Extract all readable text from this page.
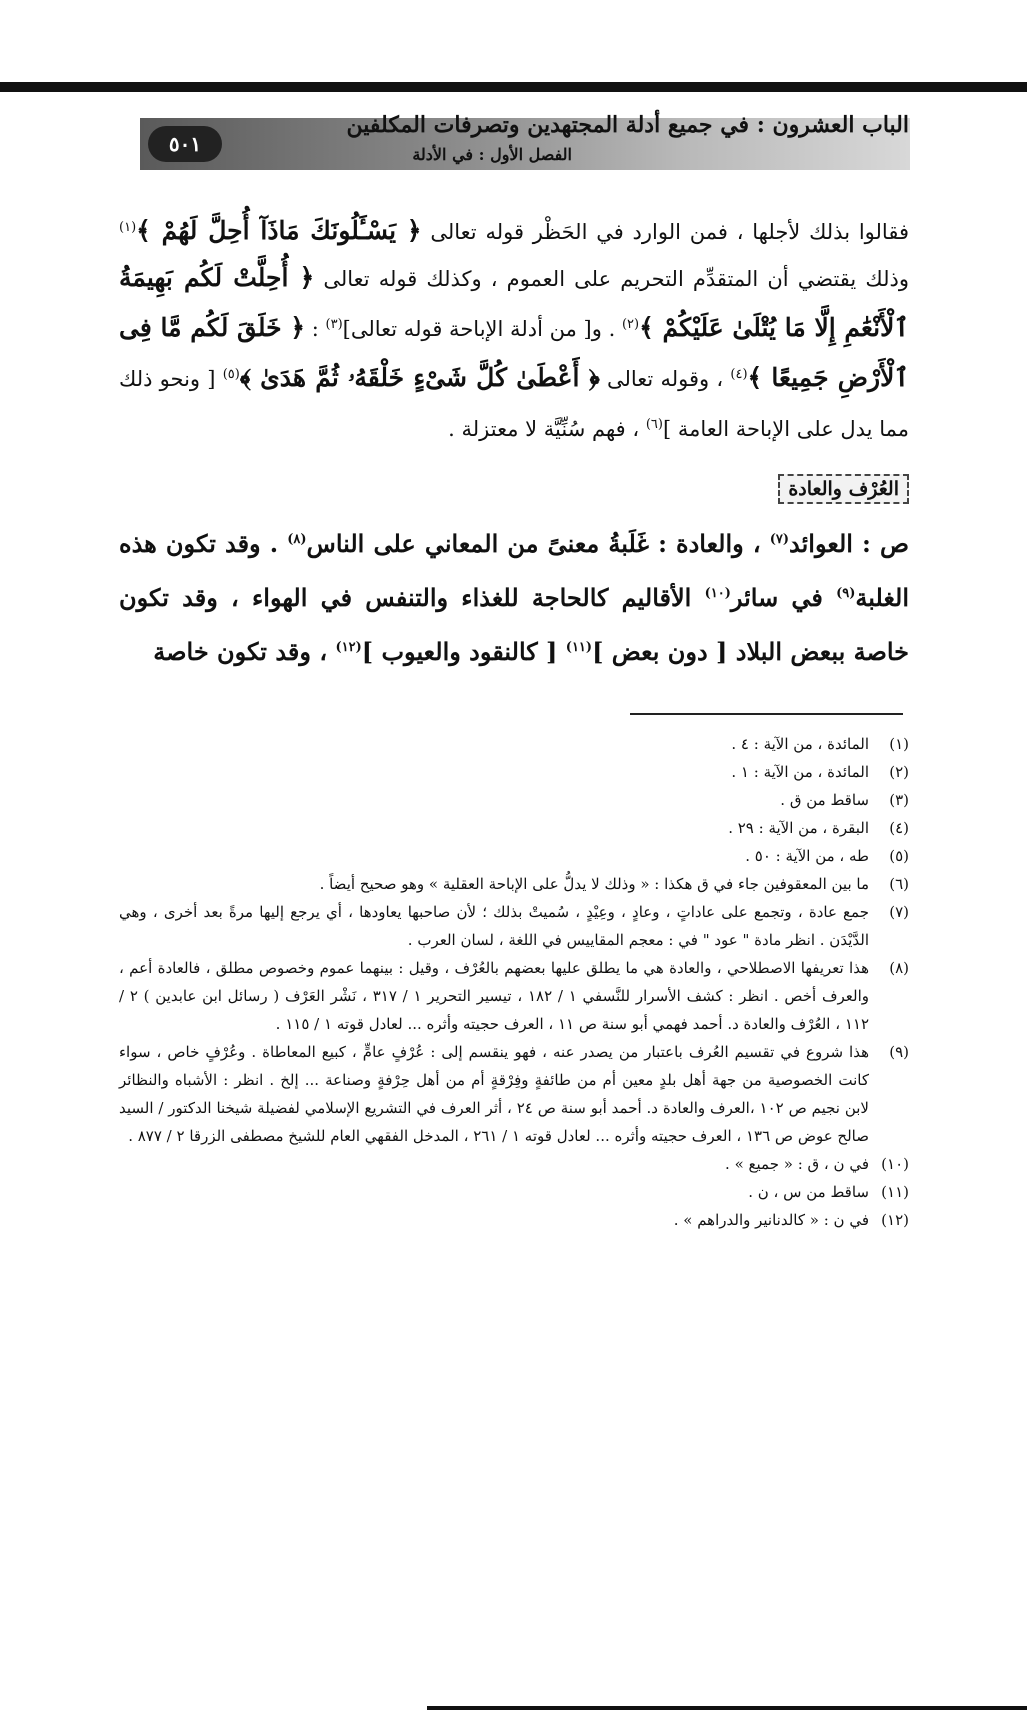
٥٠١
الباب العشرون : في جميع أدلة المجتهدين وتصرفات المكلفين
الفصل الأول : في الأدلة

فقالوا بذلك لأجلها ، فمن الوارد في الحَظْر قوله تعالى ﴿ يَسْـَٔلُونَكَ مَاذَآ أُحِلَّ لَهُمْ ﴾$^{(١)}$ وذلك يقتضي أن المتقدِّم التحريم على العموم ، وكذلك قوله تعالى ﴿ أُحِلَّتْ لَكُم بَهِيمَةُ ٱلْأَنْعَٰمِ إِلَّا مَا يُتْلَىٰ عَلَيْكُمْ ﴾$^{(٢)}$ . و[ من أدلة الإباحة قوله تعالى]$^{(٣)}$ : ﴿ خَلَقَ لَكُم مَّا فِى ٱلْأَرْضِ جَمِيعًا ﴾$^{(٤)}$ ، وقوله تعالى ﴿ أَعْطَىٰ كُلَّ شَىْءٍ خَلْقَهُۥ ثُمَّ هَدَىٰ ﴾$^{(٥)}$ [ ونحو ذلك مما يدل على الإباحة العامة ]$^{(٦)}$ ، فهم سُنِّيَّة لا معتزلة .

العُرْف والعادة

ص : العوائد$^{(٧)}$ ، والعادة : غَلَبةُ معنىً من المعاني على الناس$^{(٨)}$ . وقد تكون هذه الغلبة$^{(٩)}$ في سائر$^{(١٠)}$ الأقاليم كالحاجة للغذاء والتنفس في الهواء ، وقد تكون خاصة ببعض البلاد [ دون بعض ]$^{(١١)}$ [ كالنقود والعيوب ]$^{(١٢)}$ ، وقد تكون خاصة

(١)
المائدة ، من الآية : ٤ .
(٢)
المائدة ، من الآية : ١ .
(٣)
ساقط من ق .
(٤)
البقرة ، من الآية : ٢٩ .
(٥)
طه ، من الآية : ٥٠ .
(٦)
ما بين المعقوفين جاء في ق هكذا : « وذلك لا يدلُّ على الإباحة العقلية » وهو صحيح أيضاً .
(٧)
جمع عادة ، وتجمع على عاداتٍ ، وعادٍ ، وعِيْدٍ ، سُميتْ بذلك ؛ لأن صاحبها يعاودها ، أي يرجع إليها مرةً بعد أخرى ، وهي الدَّيْدَن . انظر مادة " عود " في : معجم المقاييس في اللغة ، لسان العرب .
(٨)
هذا تعريفها الاصطلاحي ، والعادة هي ما يطلق عليها بعضهم بالعُرْف ، وقيل : بينهما عموم وخصوص مطلق ، فالعادة أعم ، والعرف أخص . انظر : كشف الأسرار للنَّسفي ١ / ١٨٢ ، تيسير التحرير ١ / ٣١٧ ، نَشْر العَرْف ( رسائل ابن عابدين ) ٢ / ١١٢ ، العُرْف والعادة د. أحمد فهمي أبو سنة ص ١١ ، العرف حجيته وأثره ... لعادل قوته ١ / ١١٥ .
(٩)
هذا شروع في تقسيم العُرف باعتبار من يصدر عنه ، فهو ينقسم إلى : عُرْفٍ عامٍّ ، كبيع المعاطاة . وعُرْفٍ خاص ، سواء كانت الخصوصية من جهة أهل بلدٍ معين أم من طائفةٍ وفِرْقةٍ أم من أهل حِرْفةٍ وصناعة ... إلخ . انظر : الأشباه والنظائر لابن نجيم ص ١٠٢ ،العرف والعادة د. أحمد أبو سنة ص ٢٤ ، أثر العرف في التشريع الإسلامي لفضيلة شيخنا الدكتور / السيد صالح عوض ص ١٣٦ ، العرف حجيته وأثره ... لعادل قوته ١ / ٢٦١ ، المدخل الفقهي العام للشيخ مصطفى الزرقا ٢ / ٨٧٧ .
(١٠)
في ن ، ق : « جميع » .
(١١)
ساقط من س ، ن .
(١٢)
في ن : « كالدنانير والدراهم » .
